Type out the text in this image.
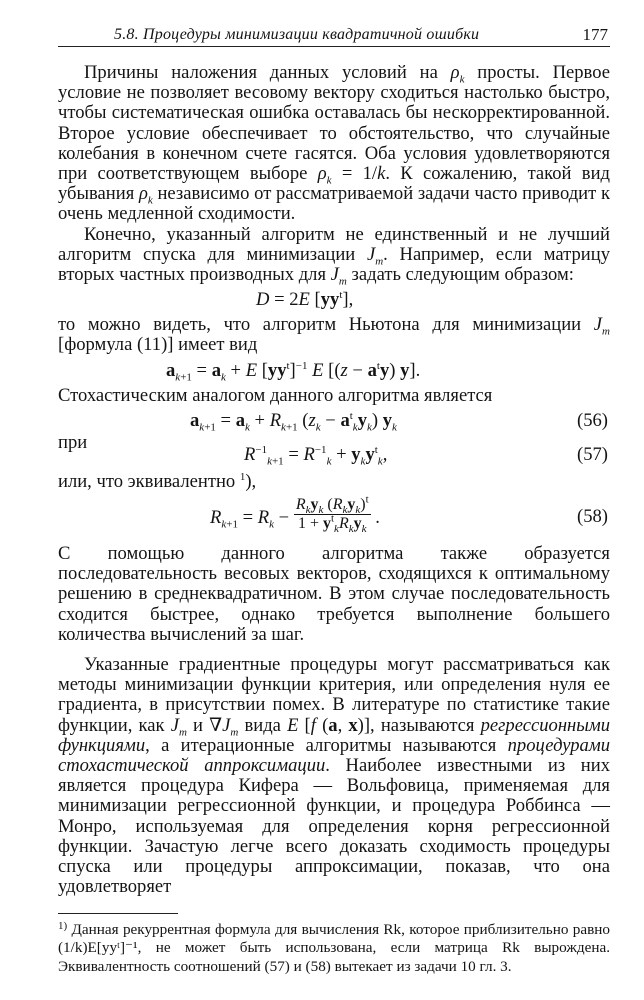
5.8. Процедуры минимизации квадратичной ошибки	177

Причины наложения данных условий на $\rho_k$ просты. Первое условие не позволяет весовому вектору сходиться настолько быстро, чтобы систематическая ошибка оставалась бы нескорректированной. Второе условие обеспечивает то обстоятельство, что случайные колебания в конечном счете гасятся. Оба условия удовлетворяются при соответствующем выборе $\rho_k = 1/k$. К сожалению, такой вид убывания $\rho_k$ независимо от рассматриваемой задачи часто приводит к очень медленной сходимости.

Конечно, указанный алгоритм не единственный и не лучший алгоритм спуска для минимизации $J_m$. Например, если матрицу вторых частных производных для $J_m$ задать следующим образом:

D = 2E $[yy^t]$,

то можно видеть, что алгоритм Ньютона для минимизации $J_m$ [формула (11)] имеет вид

$a_{k+1} = a_k + E$ $[yy^t]^{-1}$ E [$(z - a^ty)$ y].

Стохастическим аналогом данного алгоритма является

$a_{k+1} = a_k + R_{k+1}$ $(z_k - a^t_ky_k)$ $y_k$	(56)
при
$R^{-1}_{k+1} = R^{-1}_k + y_ky^t_k$,	(57)

или, что эквивалентно $^1$),

$R_{k+1} = R_k - \frac{R_ky_k (R_ky_k)^t}{1 + y^t_kR_ky_k}$ .	(58)

С помощью данного алгоритма также образуется последовательность весовых векторов, сходящихся к оптимальному решению в среднеквадратичном. В этом случае последовательность сходится быстрее, однако требуется выполнение большего количества вычислений за шаг.

Указанные градиентные процедуры могут рассматриваться как методы минимизации функции критерия, или определения нуля ее градиента, в присутствии помех. В литературе по статистике такие функции, как $J_m$ и $\nabla J_m$ вида E [f (a, x)], называются регрессионными функциями, а итерационные алгоритмы называются процедурами стохастической аппроксимации. Наиболее известными из них является процедура Кифера — Вольфовица, применяемая для минимизации регрессионной функции, и процедура Роббинса — Монро, используемая для определения корня регрессионной функции. Зачастую легче всего доказать сходимость процедуры спуска или процедуры аппроксимации, показав, что она удовлетворяет

$^{1)}$ Данная рекуррентная формула для вычисления Rk, которое приблизительно равно (1/k)E[yyᵗ]⁻¹, не может быть использована, если матрица Rk вырождена. Эквивалентность соотношений (57) и (58) вытекает из задачи 10 гл. 3.
